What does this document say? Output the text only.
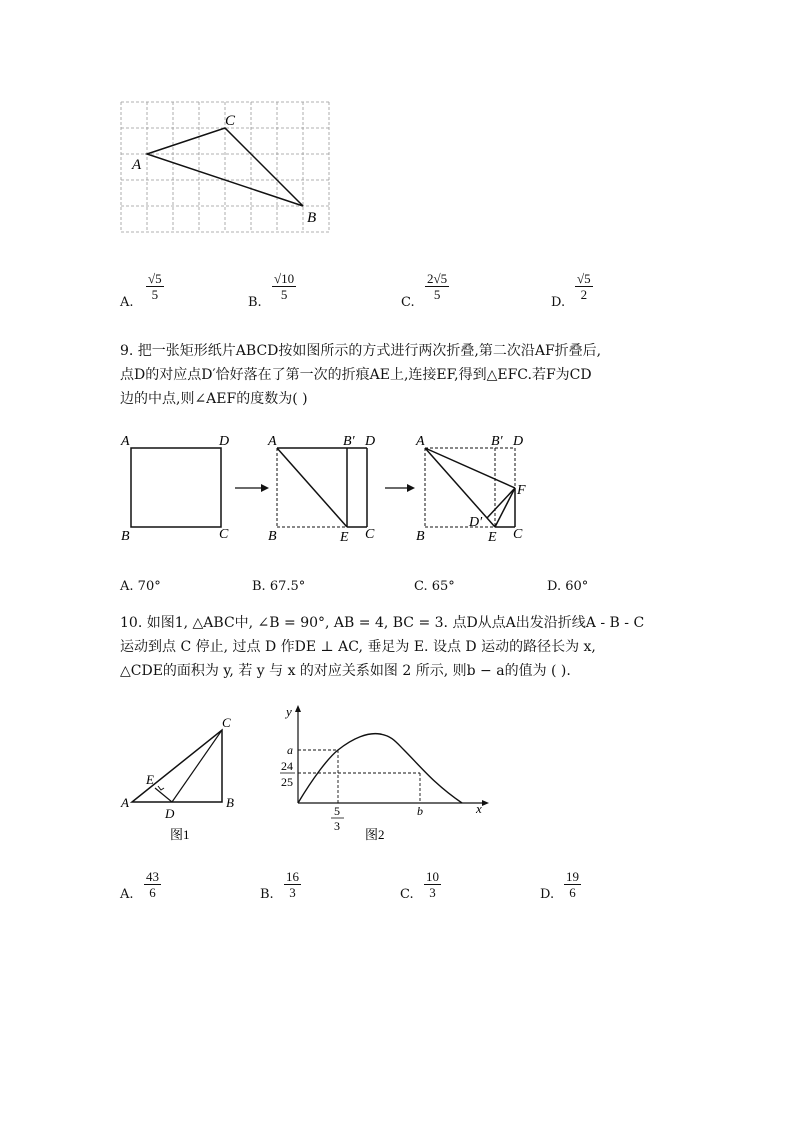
C
A
B
A.
$\frac{√5}{5}$
B.
$\frac{√10}{5}$
C.
$\frac{2√5}{5}$
D.
$\frac{√5}{2}$
9. 把一张矩形纸片ABCD按如图所示的方式进行两次折叠,第二次沿AF折叠后,
点D的对应点D′恰好落在了第一次的折痕AE上,连接EF,得到△EFC.若F为CD
边的中点,则∠AEF的度数为( )
A	D
B	C
A	B′ D
B	E C
A	B′ D
F
D′
B	E C
A. 70°	B. 67.5°	C. 65°	D. 60°
10. 如图1, △ABC中, ∠B = 90°, AB = 4, BC = 3. 点D从点A出发沿折线A - B - C
运动到点 C 停止, 过点 D 作DE ⊥ AC, 垂足为 E. 设点 D 运动的路径长为 x,
△CDE的面积为 y, 若 y 与 x 的对应关系如图 2 所示, 则b − a的值为 ( ).
C
A	B
E
D
图1
y
x
a
24
25
5
3
b
图2
A. $\frac{43}{6}$	B. $\frac{16}{3}$	C. $\frac{10}{3}$	D. $\frac{19}{6}$
